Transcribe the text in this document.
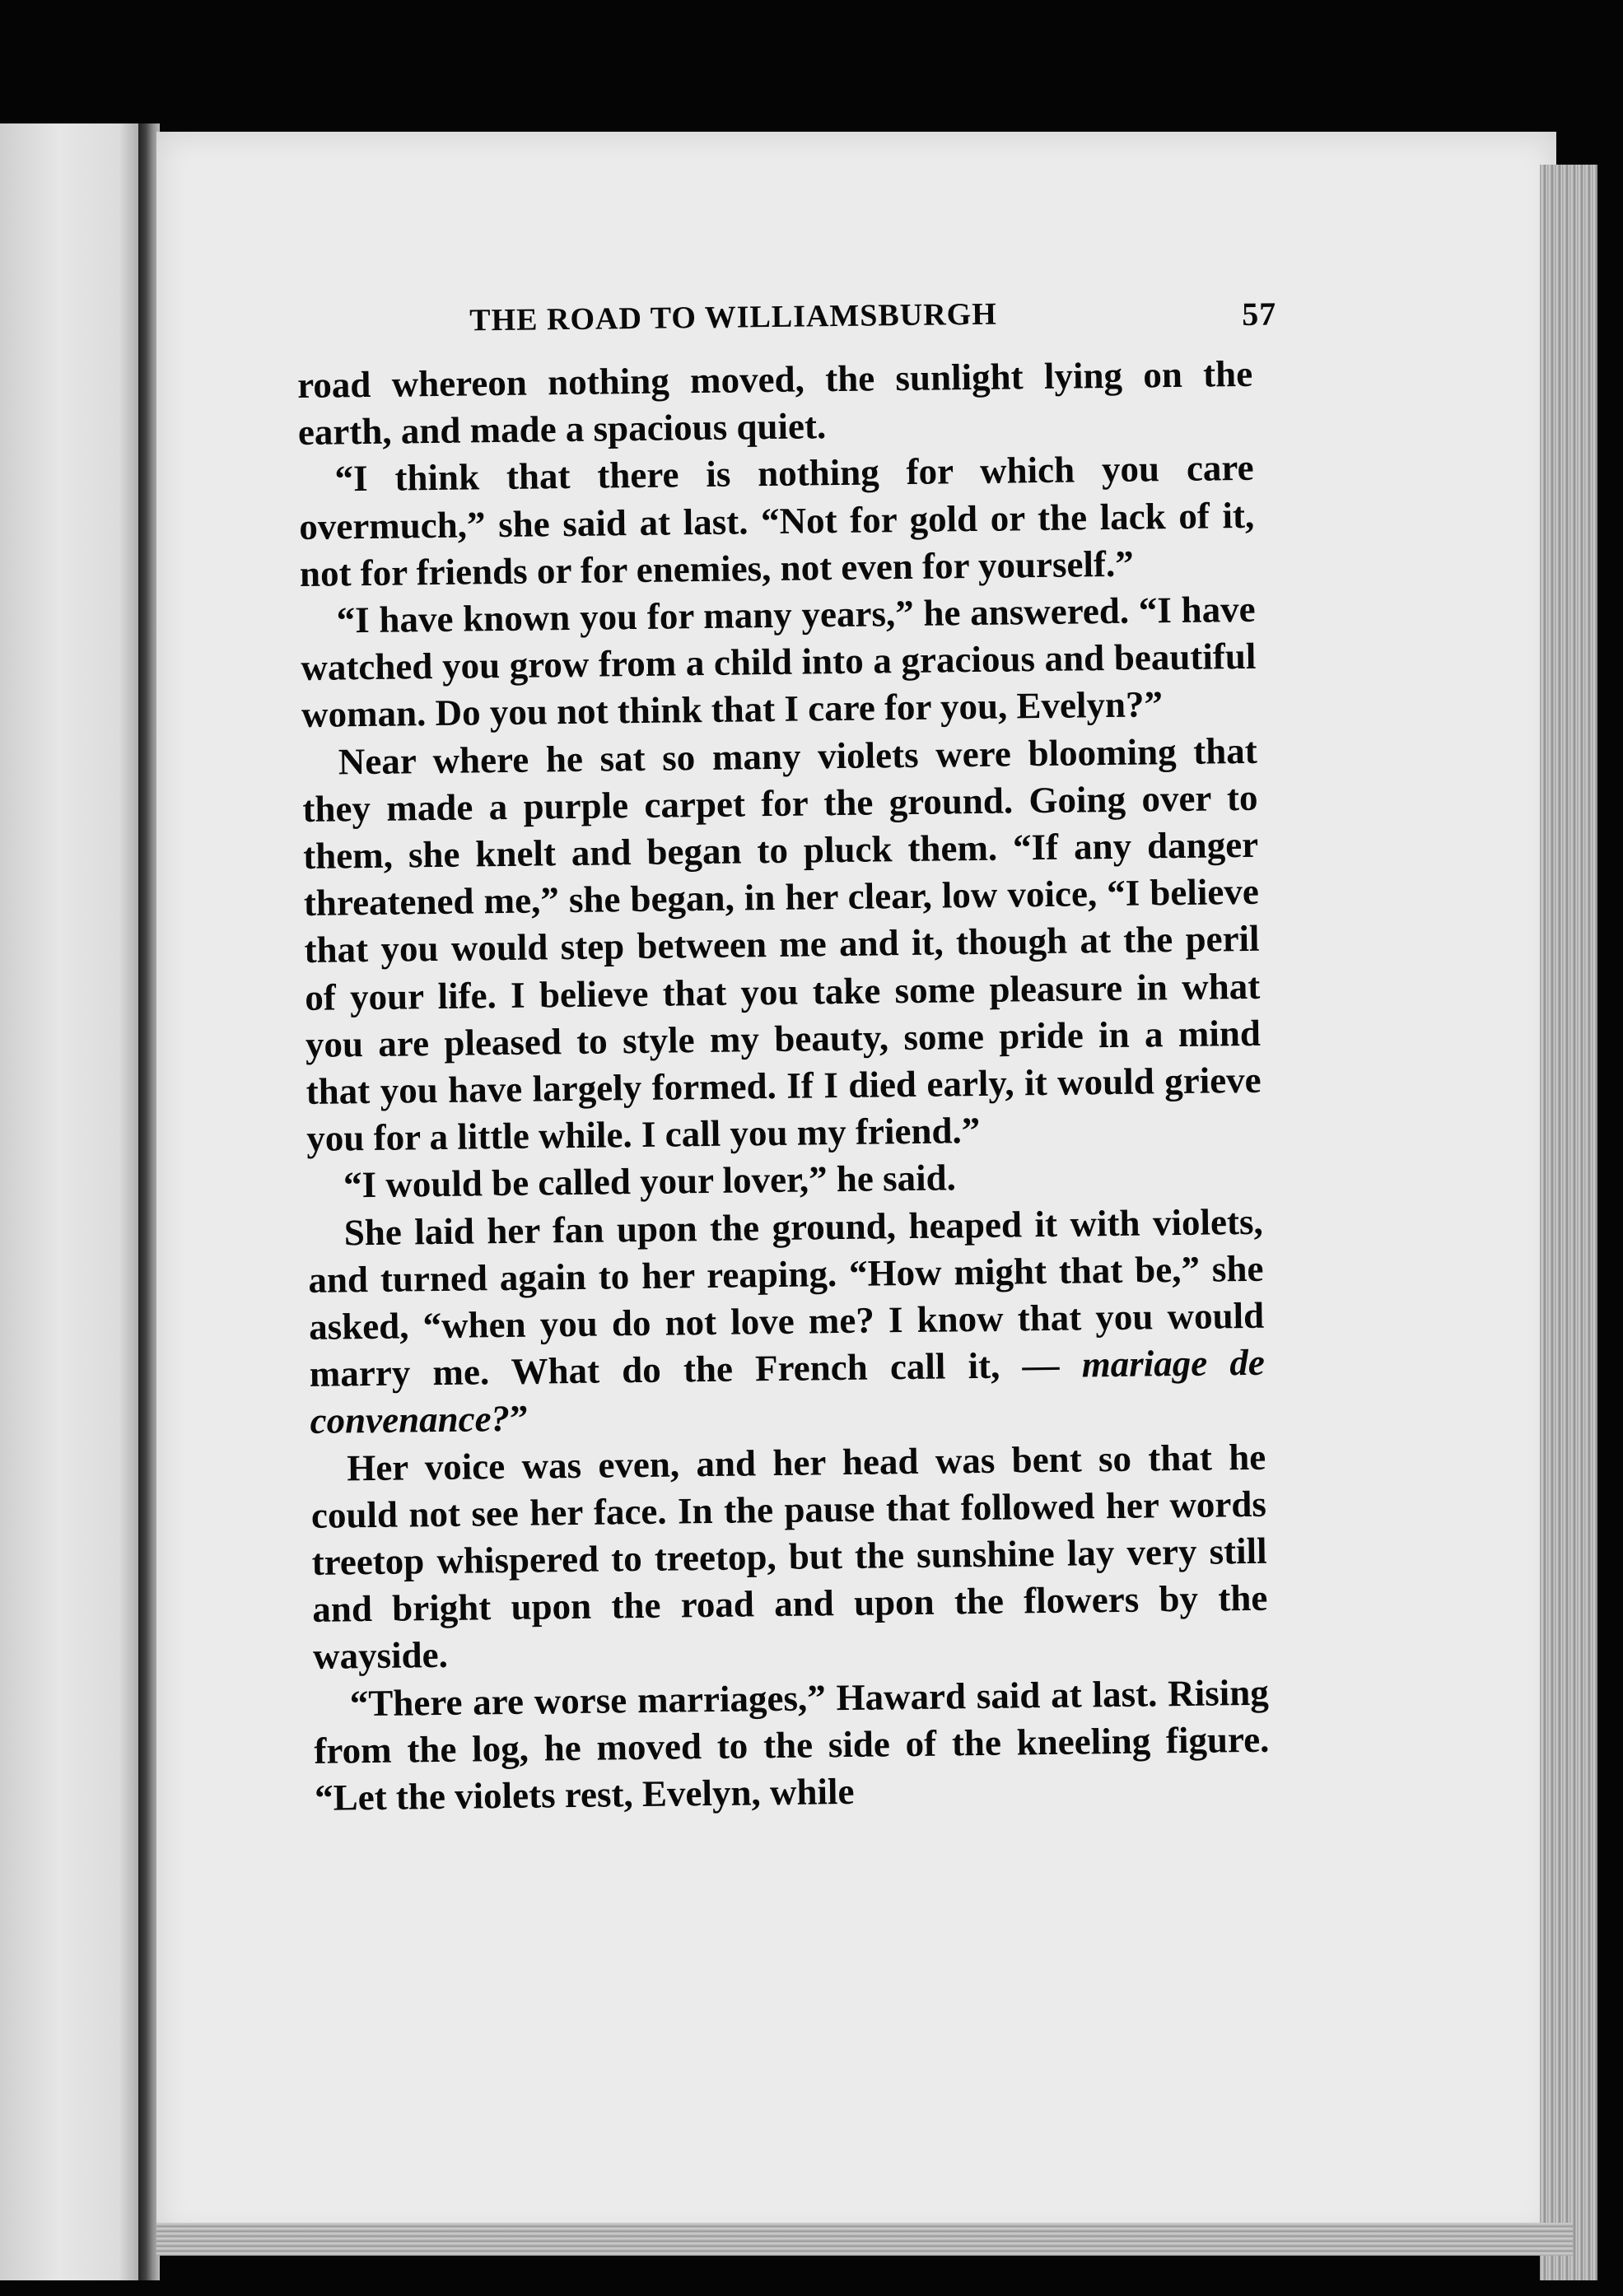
THE ROAD TO WILLIAMSBURGH	57

road whereon nothing moved, the sunlight lying on the earth, and made a spacious quiet.

“I think that there is nothing for which you care overmuch,” she said at last. “Not for gold or the lack of it, not for friends or for enemies, not even for yourself.”

“I have known you for many years,” he answered. “I have watched you grow from a child into a gracious and beautiful woman. Do you not think that I care for you, Evelyn?”

Near where he sat so many violets were blooming that they made a purple carpet for the ground. Going over to them, she knelt and began to pluck them. “If any danger threatened me,” she began, in her clear, low voice, “I believe that you would step between me and it, though at the peril of your life. I believe that you take some pleasure in what you are pleased to style my beauty, some pride in a mind that you have largely formed. If I died early, it would grieve you for a little while. I call you my friend.”

“I would be called your lover,” he said.

She laid her fan upon the ground, heaped it with violets, and turned again to her reaping. “How might that be,” she asked, “when you do not love me? I know that you would marry me. What do the French call it, — mariage de convenance?”

Her voice was even, and her head was bent so that he could not see her face. In the pause that followed her words treetop whispered to treetop, but the sunshine lay very still and bright upon the road and upon the flowers by the wayside.

“There are worse marriages,” Haward said at last. Rising from the log, he moved to the side of the kneeling figure. “Let the violets rest, Evelyn, while
